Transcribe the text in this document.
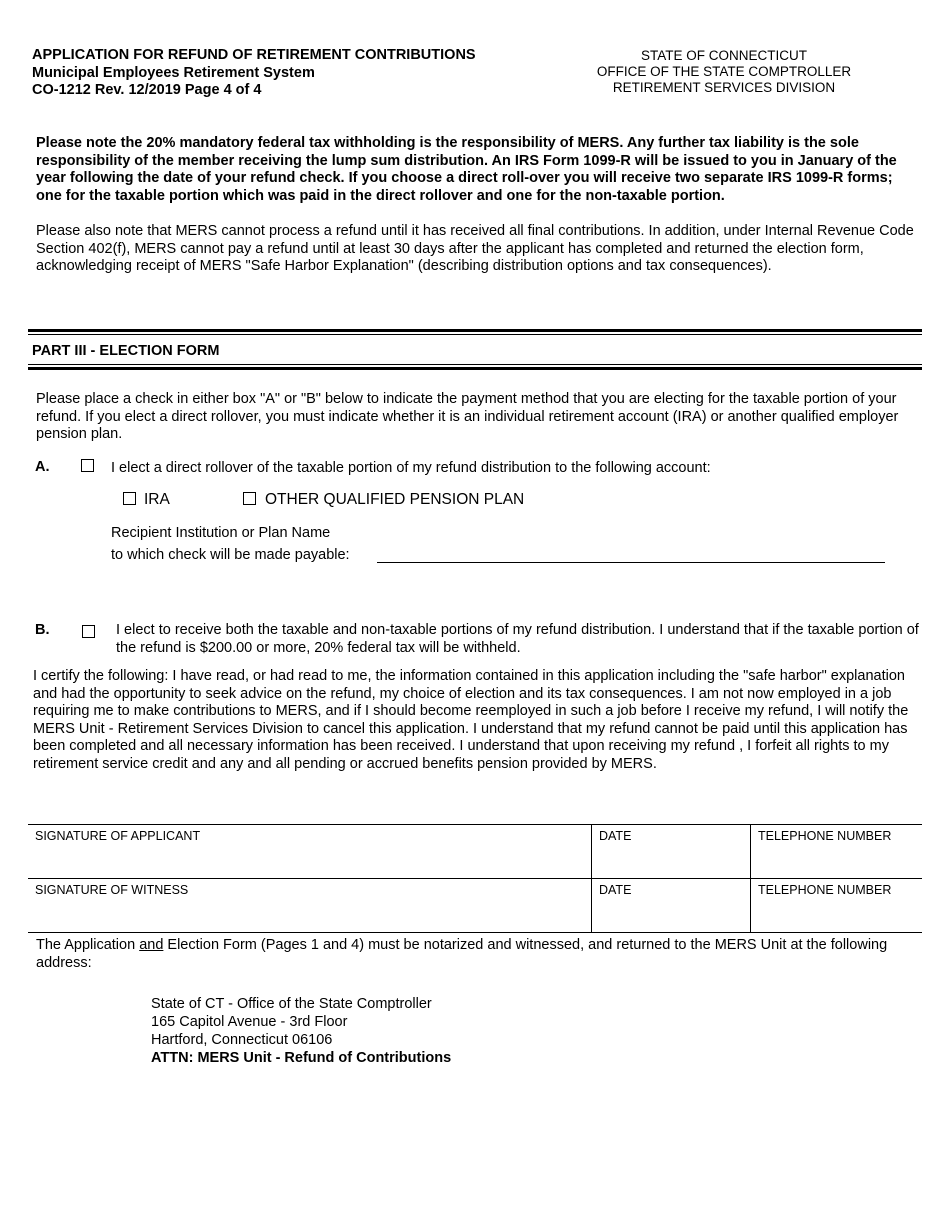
APPLICATION FOR REFUND OF RETIREMENT CONTRIBUTIONS
Municipal Employees Retirement System
CO-1212 Rev. 12/2019 Page 4 of 4
STATE OF CONNECTICUT
OFFICE OF THE STATE COMPTROLLER
RETIREMENT SERVICES DIVISION
Please note the 20% mandatory federal tax withholding is the responsibility of MERS. Any further tax liability is the sole responsibility of the member receiving the lump sum distribution. An IRS Form 1099-R will be issued to you in January of the year following the date of your refund check. If you choose a direct roll-over you will receive two separate IRS 1099-R forms; one for the taxable portion which was paid in the direct rollover and one for the non-taxable portion.
Please also note that MERS cannot process a refund until it has received all final contributions. In addition, under Internal Revenue Code Section 402(f), MERS cannot pay a refund until at least 30 days after the applicant has completed and returned the election form, acknowledging receipt of MERS "Safe Harbor Explanation" (describing distribution options and tax consequences).
PART III - ELECTION FORM
Please place a check in either box "A" or "B" below to indicate the payment method that you are electing for the taxable portion of your refund. If you elect a direct rollover, you must indicate whether it is an individual retirement account (IRA) or another qualified employer pension plan.
A.	I elect a direct rollover of the taxable portion of my refund distribution to the following account:
IRA	OTHER QUALIFIED PENSION PLAN
Recipient Institution or Plan Name
to which check will be made payable:
B.	I elect to receive both the taxable and non-taxable portions of my refund distribution. I understand that if the taxable portion of the refund is $200.00 or more, 20% federal tax will be withheld.
I certify the following: I have read, or had read to me, the information contained in this application including the "safe harbor" explanation and had the opportunity to seek advice on the refund, my choice of election and its tax consequences. I am not now employed in a job requiring me to make contributions to MERS, and if I should become reemployed in such a job before I receive my refund, I will notify the MERS Unit - Retirement Services Division to cancel this application. I understand that my refund cannot be paid until this application has been completed and all necessary information has been received. I understand that upon receiving my refund , I forfeit all rights to my retirement service credit and any and all pending or accrued benefits pension provided by MERS.
SIGNATURE OF APPLICANT	DATE	TELEPHONE NUMBER
SIGNATURE OF WITNESS	DATE	TELEPHONE NUMBER
The Application and Election Form (Pages 1 and 4) must be notarized and witnessed, and returned to the MERS Unit at the following address:
State of CT - Office of the State Comptroller
165 Capitol Avenue - 3rd Floor
Hartford, Connecticut 06106
ATTN: MERS Unit - Refund of Contributions
